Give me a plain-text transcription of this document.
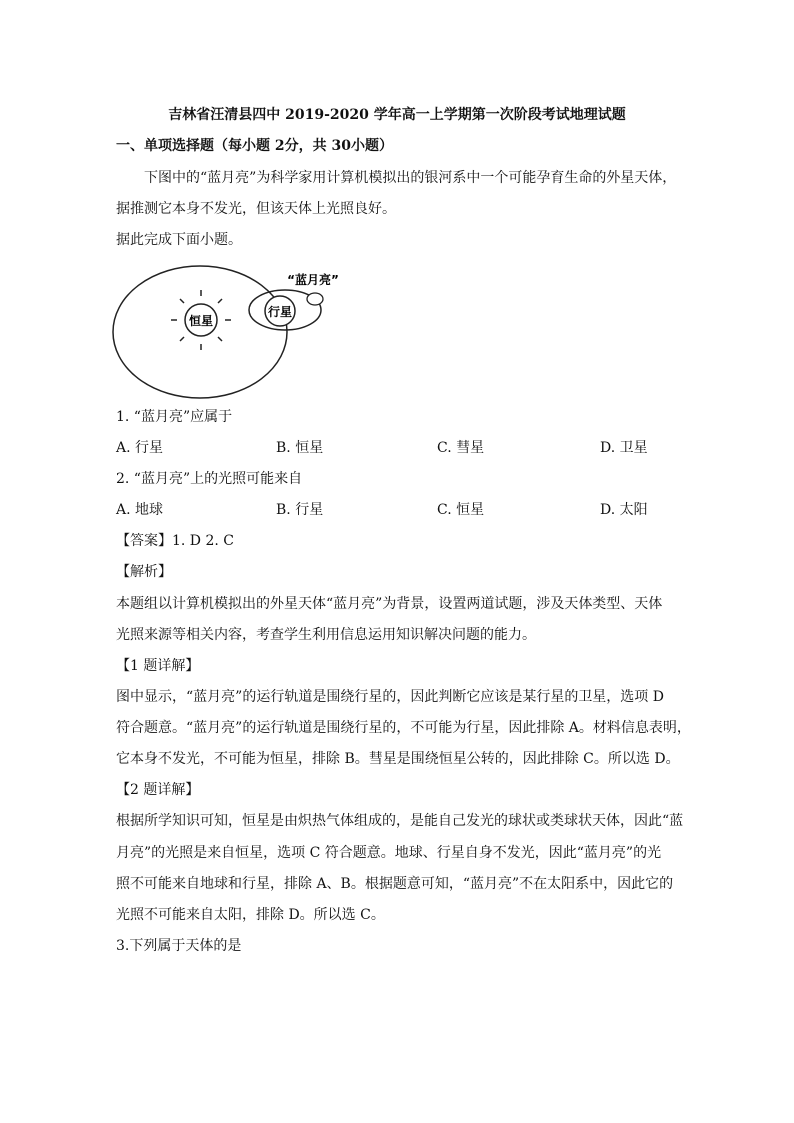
吉林省汪清县四中 2019-2020 学年高一上学期第一次阶段考试地理试题
一、单项选择题（每小题 2分，共 30小题）
下图中的“蓝月亮”为科学家用计算机模拟出的银河系中一个可能孕育生命的外星天体，
据推测它本身不发光，但该天体上光照良好。
据此完成下面小题。
恒星
行星
“蓝月亮”
1. “蓝月亮”应属于
A. 行星	B. 恒星	C. 彗星	D. 卫星
2. “蓝月亮”上的光照可能来自
A. 地球	B. 行星	C. 恒星	D. 太阳
【答案】1. D 2. C
【解析】
本题组以计算机模拟出的外星天体“蓝月亮”为背景，设置两道试题，涉及天体类型、天体
光照来源等相关内容，考查学生利用信息运用知识解决问题的能力。
【1 题详解】
图中显示，“蓝月亮”的运行轨道是围绕行星的，因此判断它应该是某行星的卫星，选项 D
符合题意。“蓝月亮”的运行轨道是围绕行星的，不可能为行星，因此排除 A。材料信息表明，
它本身不发光，不可能为恒星，排除 B。彗星是围绕恒星公转的，因此排除 C。所以选 D。
【2 题详解】
根据所学知识可知，恒星是由炽热气体组成的，是能自己发光的球状或类球状天体，因此“蓝
月亮”的光照是来自恒星，选项 C 符合题意。地球、行星自身不发光，因此“蓝月亮”的光
照不可能来自地球和行星，排除 A、B。根据题意可知，“蓝月亮”不在太阳系中，因此它的
光照不可能来自太阳，排除 D。所以选 C。
3.下列属于天体的是
